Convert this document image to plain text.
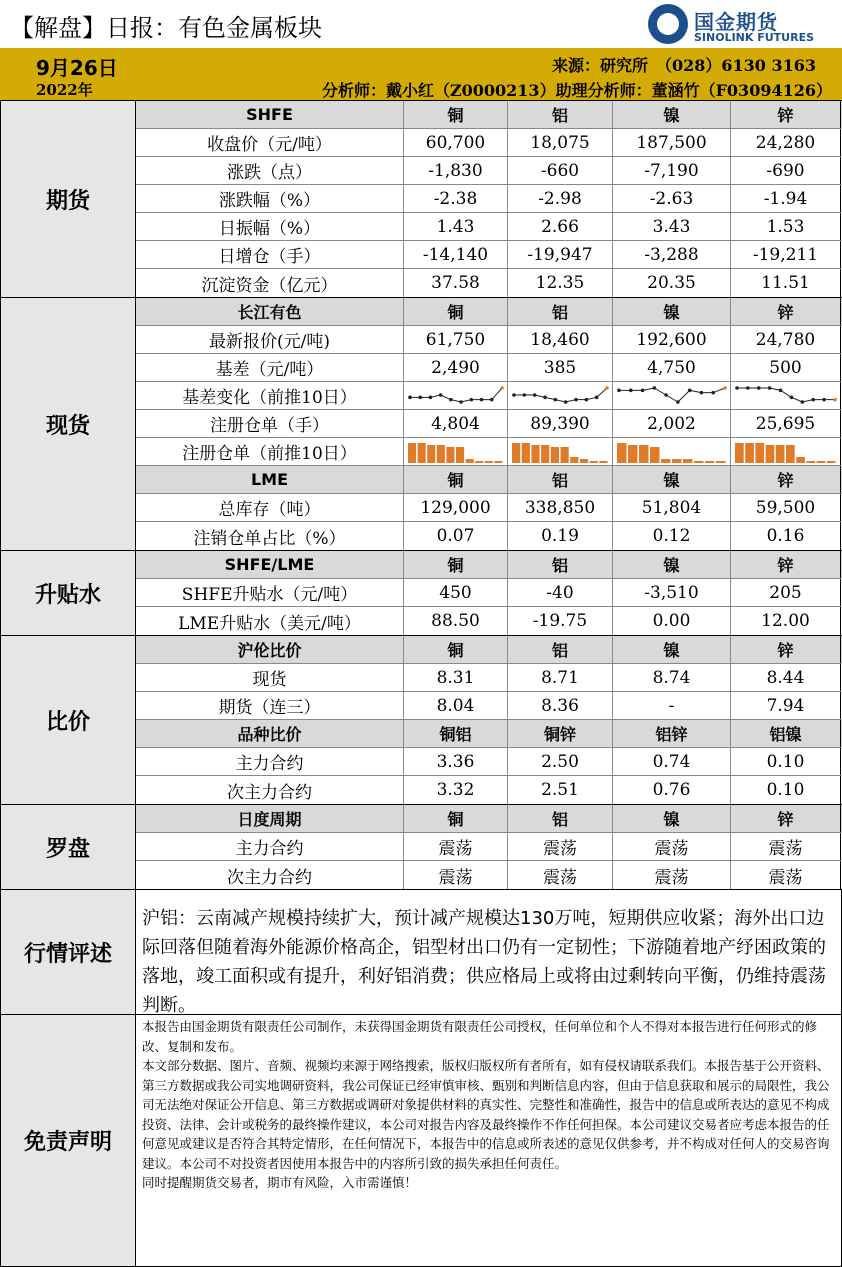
【解盘】日报：有色金属板块	国金期货
SINOLINK FUTURES
9月26日
2022年
来源：研究所　（028）6130 3163
分析师：戴小红（Z0000213）助理分析师：董涵竹（F03094126）
期货
SHFE	铜	铝	镍	锌
收盘价（元/吨）	60,700	18,075	187,500	24,280
涨跌（点）	-1,830	-660	-7,190	-690
涨跌幅（%）	-2.38	-2.98	-2.63	-1.94
日振幅（%）	1.43	2.66	3.43	1.53
日增仓（手）	-14,140	-19,947	-3,288	-19,211
沉淀资金（亿元）	37.58	12.35	20.35	11.51
现货
长江有色	铜	铝	镍	锌
最新报价(元/吨)	61,750	18,460	192,600	24,780
基差（元/吨）	2,490	385	4,750	500
基差变化（前推10日）
注册仓单（手）	4,804	89,390	2,002	25,695
注册仓单（前推10日）
LME	铜	铝	镍	锌
总库存（吨）	129,000	338,850	51,804	59,500
注销仓单占比（%）	0.07	0.19	0.12	0.16
升贴水
SHFE/LME	铜	铝	镍	锌
SHFE升贴水（元/吨）	450	-40	-3,510	205
LME升贴水（美元/吨）	88.50	-19.75	0.00	12.00
比价
沪伦比价	铜	铝	镍	锌
现货	8.31	8.71	8.74	8.44
期货（连三）	8.04	8.36	-	7.94
品种比价	铜铝	铜锌	铝锌	铝镍
主力合约	3.36	2.50	0.74	0.10
次主力合约	3.32	2.51	0.76	0.10
罗盘
日度周期	铜	铝	镍	锌
主力合约	震荡	震荡	震荡	震荡
次主力合约	震荡	震荡	震荡	震荡
行情评述
沪铝：云南减产规模持续扩大，预计减产规模达130万吨，短期供应收紧；海外出口边际回落但随着海外能源价格高企，铝型材出口仍有一定韧性；下游随着地产纾困政策的落地，竣工面积或有提升，利好铝消费；供应格局上或将由过剩转向平衡，仍维持震荡判断。
免责声明
本报告由国金期货有限责任公司制作，未获得国金期货有限责任公司授权，任何单位和个人不得对本报告进行任何形式的修改、复制和发布。
本文部分数据、图片、音频、视频均来源于网络搜索，版权归版权所有者所有，如有侵权请联系我们。本报告基于公开资料、第三方数据或我公司实地调研资料，我公司保证已经审慎审核、甄别和判断信息内容，但由于信息获取和展示的局限性，我公司无法绝对保证公开信息、第三方数据或调研对象提供材料的真实性、完整性和准确性，报告中的信息或所表达的意见不构成投资、法律、会计或税务的最终操作建议，本公司对报告内容及最终操作不作任何担保。本公司建议交易者应考虑本报告的任何意见或建议是否符合其特定情形，在任何情况下，本报告中的信息或所表述的意见仅供参考，并不构成对任何人的交易咨询建议。本公司不对投资者因使用本报告中的内容所引致的损失承担任何责任。
同时提醒期货交易者，期市有风险，入市需谨慎！
